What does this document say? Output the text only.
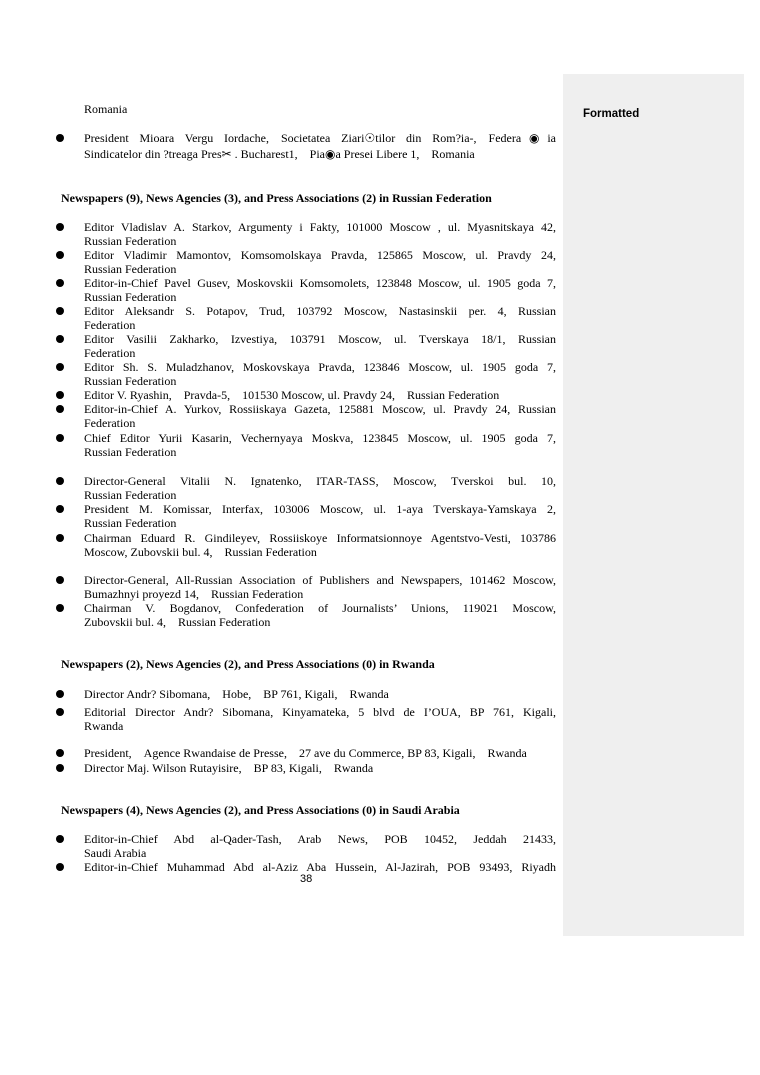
Formatted
Romania
President Mioara Vergu Iordache, Societatea Ziari☉tilor din Rom?ia-, Federa◉ia
Sindicatelor din ?treaga Pres✂ . Bucharest1, Pia◉a Presei Libere 1, Romania
Newspapers (9), News Agencies (3), and Press Associations (2) in Russian Federation
Editor Vladislav A. Starkov, Argumenty i Fakty, 101000 Moscow , ul. Myasnitskaya 42,
Russian Federation
Editor Vladimir Mamontov, Komsomolskaya Pravda, 125865 Moscow, ul. Pravdy 24,
Russian Federation
Editor-in-Chief Pavel Gusev, Moskovskii Komsomolets, 123848 Moscow, ul. 1905 goda 7,
Russian Federation
Editor Aleksandr S. Potapov, Trud, 103792 Moscow, Nastasinskii per. 4, Russian
Federation
Editor Vasilii Zakharko, Izvestiya, 103791 Moscow, ul. Tverskaya 18/1, Russian
Federation
Editor Sh. S. Muladzhanov, Moskovskaya Pravda, 123846 Moscow, ul. 1905 goda 7,
Russian Federation
Editor V. Ryashin, Pravda-5, 101530 Moscow, ul. Pravdy 24, Russian Federation
Editor-in-Chief A. Yurkov, Rossiiskaya Gazeta, 125881 Moscow, ul. Pravdy 24, Russian
Federation
Chief Editor Yurii Kasarin, Vechernyaya Moskva, 123845 Moscow, ul. 1905 goda 7,
Russian Federation
Director-General Vitalii N. Ignatenko, ITAR-TASS, Moscow, Tverskoi bul. 10,
Russian Federation
President M. Komissar, Interfax, 103006 Moscow, ul. 1-aya Tverskaya-Yamskaya 2,
Russian Federation
Chairman Eduard R. Gindileyev, Rossiiskoye Informatsionnoye Agentstvo-Vesti, 103786
Moscow, Zubovskii bul. 4, Russian Federation
Director-General, All-Russian Association of Publishers and Newspapers, 101462 Moscow,
Bumazhnyi proyezd 14, Russian Federation
Chairman V. Bogdanov, Confederation of Journalists’ Unions, 119021 Moscow,
Zubovskii bul. 4, Russian Federation
Newspapers (2), News Agencies (2), and Press Associations (0) in Rwanda
Director Andr? Sibomana, Hobe, BP 761, Kigali, Rwanda
Editorial Director Andr? Sibomana, Kinyamateka, 5 blvd de I’OUA, BP 761, Kigali,
Rwanda
President, Agence Rwandaise de Presse, 27 ave du Commerce, BP 83, Kigali, Rwanda
Director Maj. Wilson Rutayisire, BP 83, Kigali, Rwanda
Newspapers (4), News Agencies (2), and Press Associations (0) in Saudi Arabia
Editor-in-Chief Abd al-Qader-Tash, Arab News, POB 10452, Jeddah 21433,
Saudi Arabia
Editor-in-Chief Muhammad Abd al-Aziz Aba Hussein, Al-Jazirah, POB 93493, Riyadh
38
